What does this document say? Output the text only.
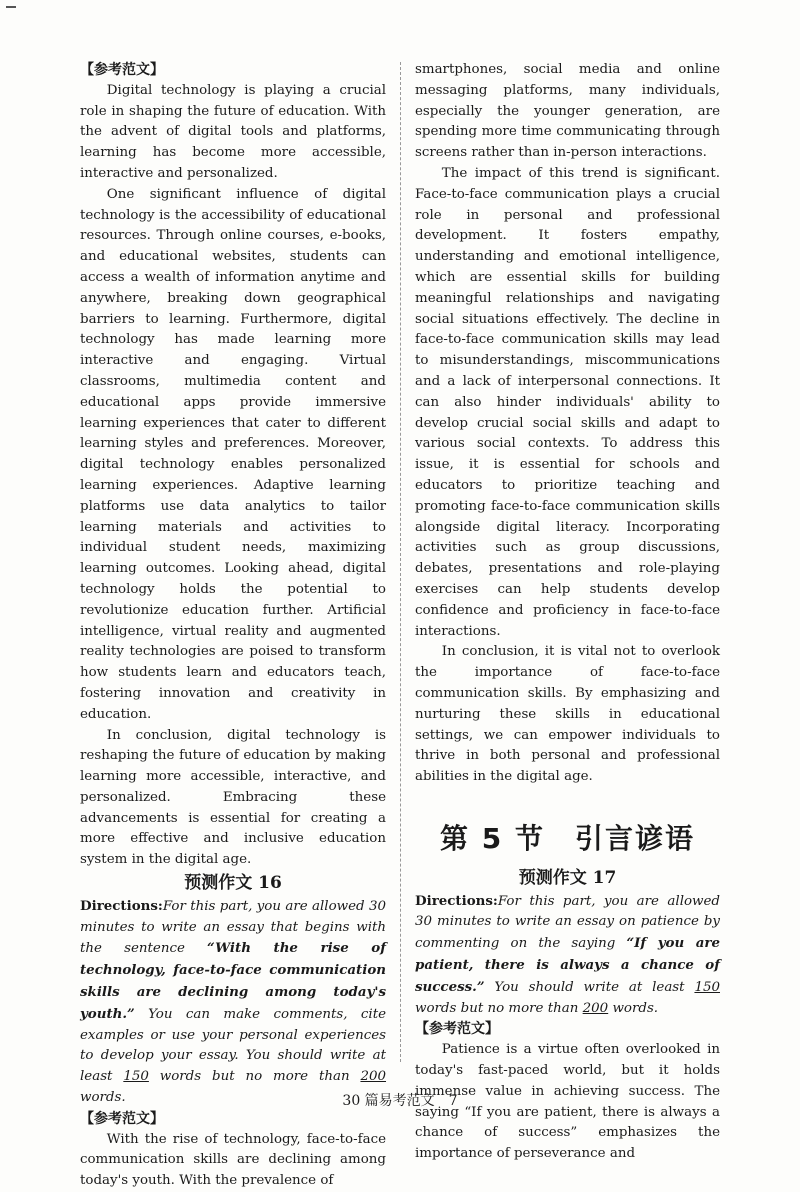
【参考范文】

Digital technology is playing a crucial role in shaping the future of education. With the advent of digital tools and platforms, learning has become more accessible, interactive and personalized.

One significant influence of digital technology is the accessibility of educational resources. Through online courses, e-books, and educational websites, students can access a wealth of information anytime and anywhere, breaking down geographical barriers to learning. Furthermore, digital technology has made learning more interactive and engaging. Virtual classrooms, multimedia content and educational apps provide immersive learning experiences that cater to different learning styles and preferences. Moreover, digital technology enables personalized learning experiences. Adaptive learning platforms use data analytics to tailor learning materials and activities to individual student needs, maximizing learning outcomes. Looking ahead, digital technology holds the potential to revolutionize education further. Artificial intelligence, virtual reality and augmented reality technologies are poised to transform how students learn and educators teach, fostering innovation and creativity in education.

In conclusion, digital technology is reshaping the future of education by making learning more accessible, interactive, and personalized. Embracing these advancements is essential for creating a more effective and inclusive education system in the digital age.

预测作文 16

Directions:For this part, you are allowed 30 minutes to write an essay that begins with the sentence “With the rise of technology, face-to-face communication skills are declining among today's youth.” You can make comments, cite examples or use your personal experiences to develop your essay. You should write at least 150 words but no more than 200 words.

【参考范文】

With the rise of technology, face-to-face communication skills are declining among today's youth. With the prevalence of

smartphones, social media and online messaging platforms, many individuals, especially the younger generation, are spending more time communicating through screens rather than in-person interactions.

The impact of this trend is significant. Face-to-face communication plays a crucial role in personal and professional development. It fosters empathy, understanding and emotional intelligence, which are essential skills for building meaningful relationships and navigating social situations effectively. The decline in face-to-face communication skills may lead to misunderstandings, miscommunications and a lack of interpersonal connections. It can also hinder individuals' ability to develop crucial social skills and adapt to various social contexts. To address this issue, it is essential for schools and educators to prioritize teaching and promoting face-to-face communication skills alongside digital literacy. Incorporating activities such as group discussions, debates, presentations and role-playing exercises can help students develop confidence and proficiency in face-to-face interactions.

In conclusion, it is vital not to overlook the importance of face-to-face communication skills. By emphasizing and nurturing these skills in educational settings, we can empower individuals to thrive in both personal and professional abilities in the digital age.

第 5 节　引言谚语

预测作文 17

Directions:For this part, you are allowed 30 minutes to write an essay on patience by commenting on the saying “If you are patient, there is always a chance of success.” You should write at least 150 words but no more than 200 words.

【参考范文】

Patience is a virtue often overlooked in today's fast-paced world, but it holds immense value in achieving success. The saying “If you are patient, there is always a chance of success” emphasizes the importance of perseverance and

30 篇易考范文　7
